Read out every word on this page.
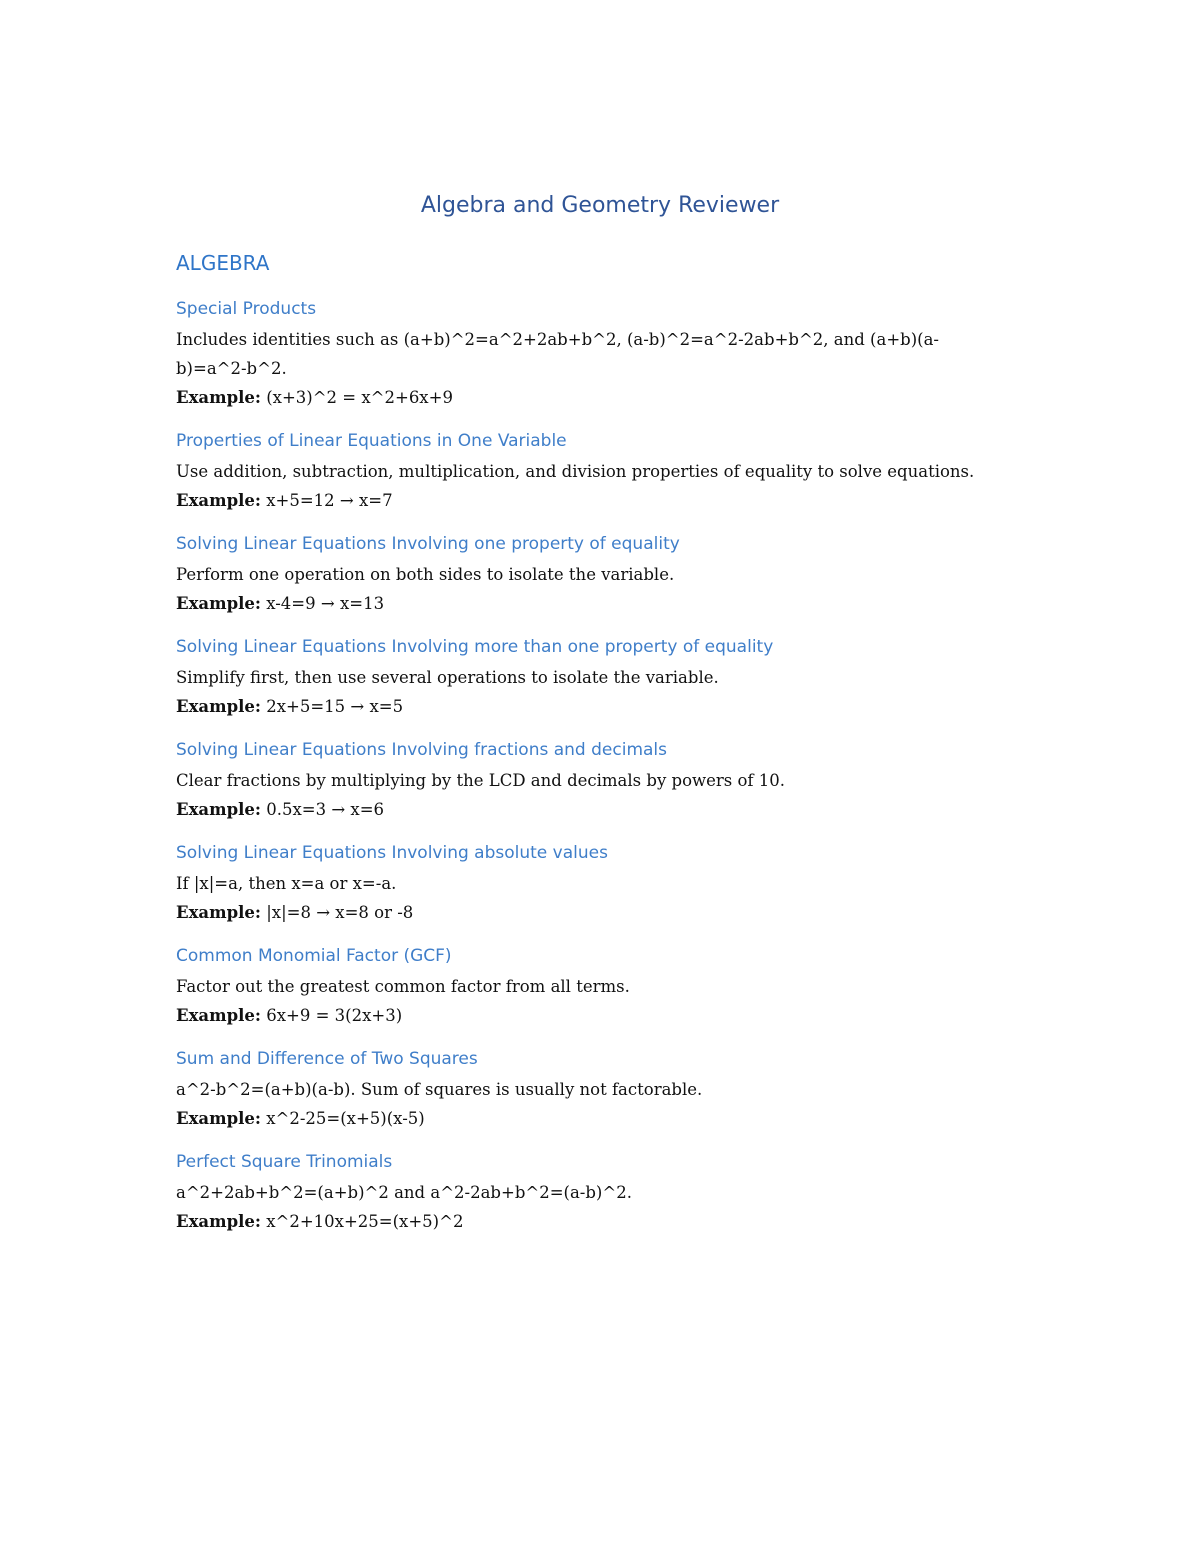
Algebra and Geometry Reviewer
ALGEBRA
Special Products

Includes identities such as (a+b)^2=a^2+2ab+b^2, (a-b)^2=a^2-2ab+b^2, and (a+b)(a-b)=a^2-b^2.

Example: (x+3)^2 = x^2+6x+9

Properties of Linear Equations in One Variable

Use addition, subtraction, multiplication, and division properties of equality to solve equations.

Example: x+5=12 → x=7

Solving Linear Equations Involving one property of equality

Perform one operation on both sides to isolate the variable.

Example: x-4=9 → x=13

Solving Linear Equations Involving more than one property of equality

Simplify first, then use several operations to isolate the variable.

Example: 2x+5=15 → x=5

Solving Linear Equations Involving fractions and decimals

Clear fractions by multiplying by the LCD and decimals by powers of 10.

Example: 0.5x=3 → x=6

Solving Linear Equations Involving absolute values

If |x|=a, then x=a or x=-a.

Example: |x|=8 → x=8 or -8

Common Monomial Factor (GCF)

Factor out the greatest common factor from all terms.

Example: 6x+9 = 3(2x+3)

Sum and Difference of Two Squares

a^2-b^2=(a+b)(a-b). Sum of squares is usually not factorable.

Example: x^2-25=(x+5)(x-5)

Perfect Square Trinomials

a^2+2ab+b^2=(a+b)^2 and a^2-2ab+b^2=(a-b)^2.

Example: x^2+10x+25=(x+5)^2
